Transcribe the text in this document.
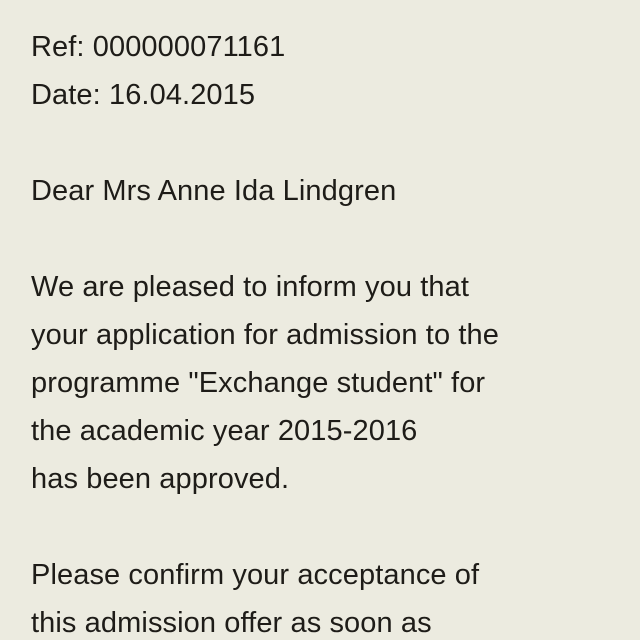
Ref: 000000071161
Date: 16.04.2015
Dear Mrs Anne Ida Lindgren
We are pleased to inform you that
your application for admission to the
programme "Exchange student" for
the academic year 2015-2016
has been approved.
Please confirm your acceptance of
this admission offer as soon as
